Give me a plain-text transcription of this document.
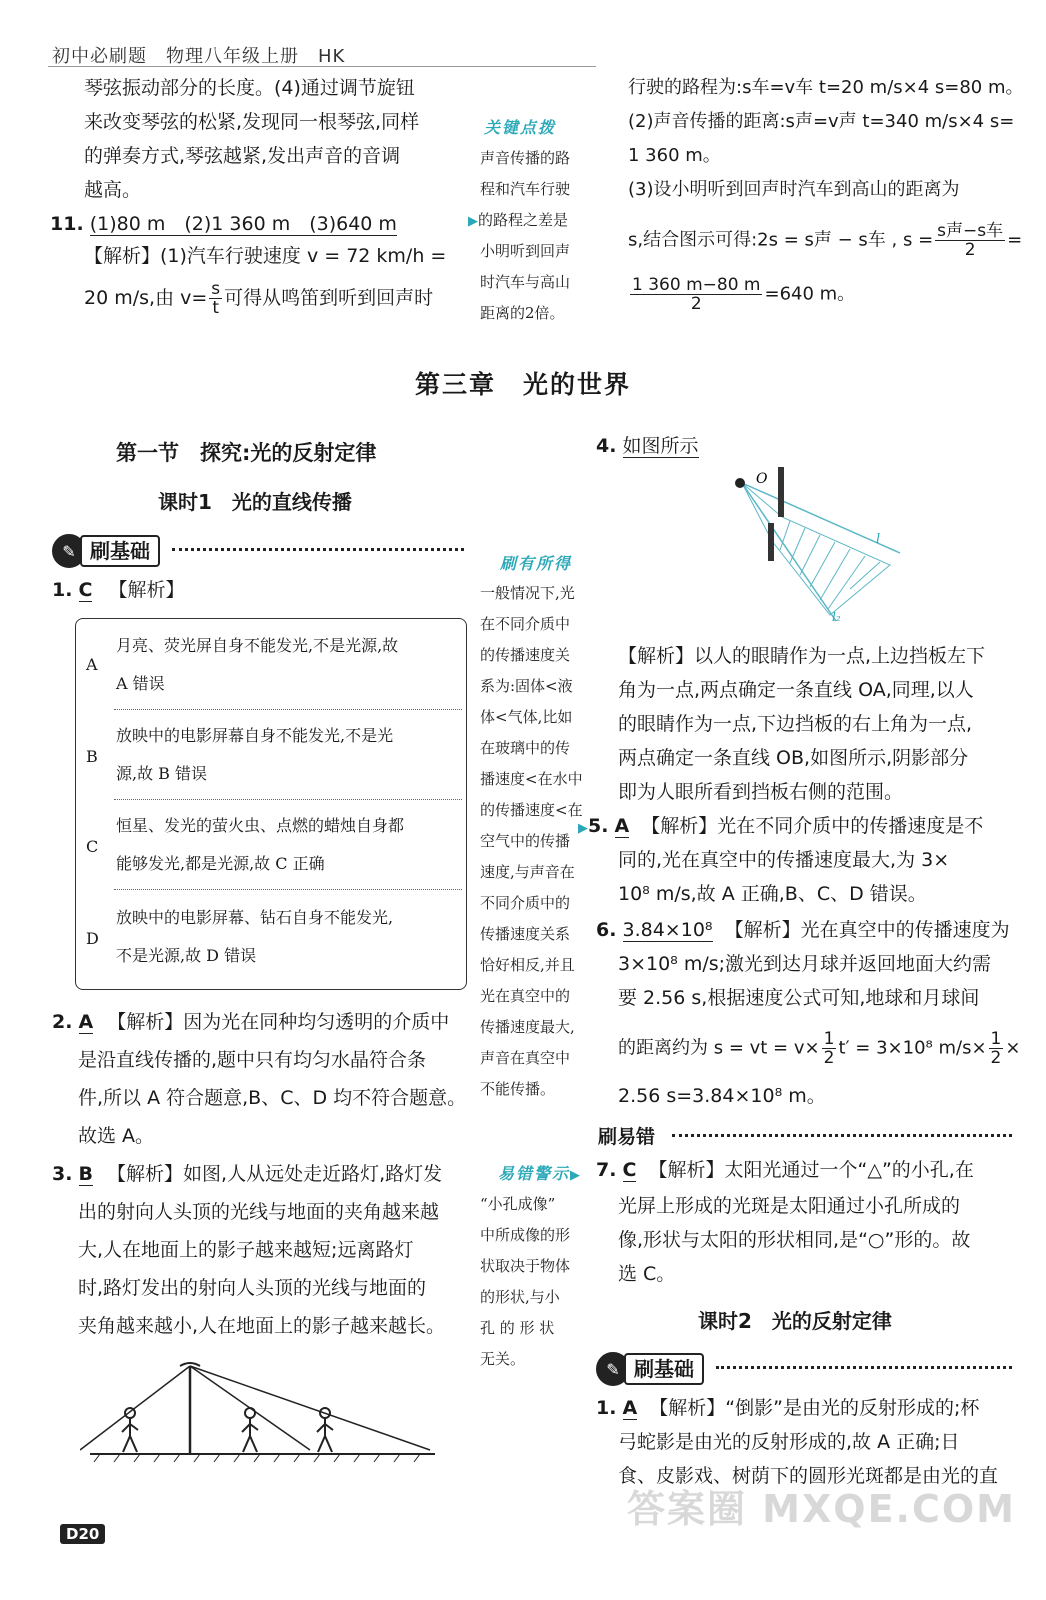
初中必刷题　物理八年级上册　HK
琴弦振动部分的长度。(4)通过调节旋钮
来改变琴弦的松紧,发现同一根琴弦,同样
的弹奏方式,琴弦越紧,发出声音的音调
越高。
11. (1)80 m　(2)1 360 m　(3)640 m
【解析】(1)汽车行驶速度 v = 72 km/h =
20 m/s,由 $v= \frac{s}{t}$ 可得从鸣笛到听到回声时
关键点拨
声音传播的路
程和汽车行驶
▶的路程之差是
小明听到回声
时汽车与高山
距离的2倍。
行驶的路程为:s车=v车 t=20 m/s×4 s=80 m。
(2)声音传播的距离:s声=v声 t=340 m/s×4 s=
1 360 m。
(3)设小明听到回声时汽车到高山的距离为
s,结合图示可得:2s = s声 − s车 , $s = \frac{\text{s声−s车}}{2}$ =
$\frac{1 360 m-80 m}{2} =640$ m。
第三章　光的世界
第一节　探究:光的反射定律
课时1　光的直线传播
✎ 刷基础
1. C 【解析】
A
月亮、荧光屏自身不能发光,不是光源,故
A 错误
B
放映中的电影屏幕自身不能发光,不是光
源,故 B 错误
C
恒星、发光的萤火虫、点燃的蜡烛自身都
能够发光,都是光源,故 C 正确
D
放映中的电影屏幕、钻石自身不能发光,
不是光源,故 D 错误
刷有所得
一般情况下,光
在不同介质中
的传播速度关
系为:固体<液
体<气体,比如
在玻璃中的传
播速度<在水中
的传播速度<在
空气中的传播
速度,与声音在
不同介质中的
传播速度关系
恰好相反,并且
光在真空中的
传播速度最大,
声音在真空中
不能传播。
2. A 【解析】因为光在同种均匀透明的介质中
是沿直线传播的,题中只有均匀水晶符合条
件,所以 A 符合题意,B、C、D 均不符合题意。
故选 A。
3. B 【解析】如图,人从远处走近路灯,路灯发
出的射向人头顶的光线与地面的夹角越来越
大,人在地面上的影子越来越短;远离路灯
时,路灯发出的射向人头顶的光线与地面的
夹角越来越小,人在地面上的影子越来越长。
易错警示▶
“小孔成像”
中所成像的形
状取决于物体
的形状,与小
孔 的 形 状
无关。
4. 如图所示
O
l
l₂
【解析】以人的眼睛作为一点,上边挡板左下
角为一点,两点确定一条直线 OA,同理,以人
的眼睛作为一点,下边挡板的右上角为一点,
两点确定一条直线 OB,如图所示,阴影部分
即为人眼所看到挡板右侧的范围。
▶5. A 【解析】光在不同介质中的传播速度是不
同的,光在真空中的传播速度最大,为 3×
10⁸ m/s,故 A 正确,B、C、D 错误。
6. 3.84×10⁸ 【解析】光在真空中的传播速度为
3×10⁸ m/s;激光到达月球并返回地面大约需
要 2.56 s,根据速度公式可知,地球和月球间
的距离约为 s = vt = $v\times \frac{1}{2} t' = 3\times 10^8$ $m/s\times \frac{1}{2}$ ×
2.56 s=3.84×10⁸ m。
刷易错
7. C 【解析】太阳光通过一个“△”的小孔,在
光屏上形成的光斑是太阳通过小孔所成的
像,形状与太阳的形状相同,是“○”形的。故
选 C。
课时2　光的反射定律
✎ 刷基础
1. A 【解析】“倒影”是由光的反射形成的;杯
弓蛇影是由光的反射形成的,故 A 正确;日
食、皮影戏、树荫下的圆形光斑都是由光的直
D20
答案圈 MXQE.COM
